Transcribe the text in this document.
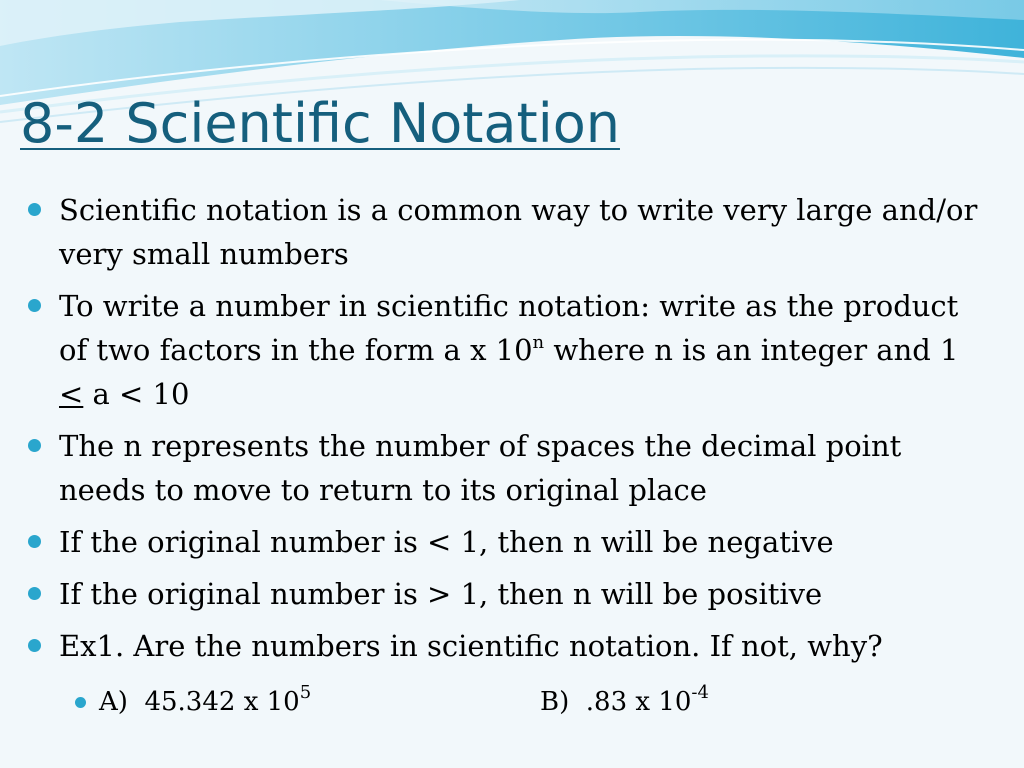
8-2 Scientific Notation
Scientific notation is a common way to write very large and/or very small numbers
To write a number in scientific notation: write as the product of two factors in the form a x 10$^n$ where n is an integer and 1 < a < 10
The n represents the number of spaces the decimal point needs to move to return to its original place
If the original number is < 1, then n will be negative
If the original number is > 1, then n will be positive
Ex1. Are the numbers in scientific notation. If not, why?
A) 45.342 x $10^5$	B) .83 x $10^{-4}$
